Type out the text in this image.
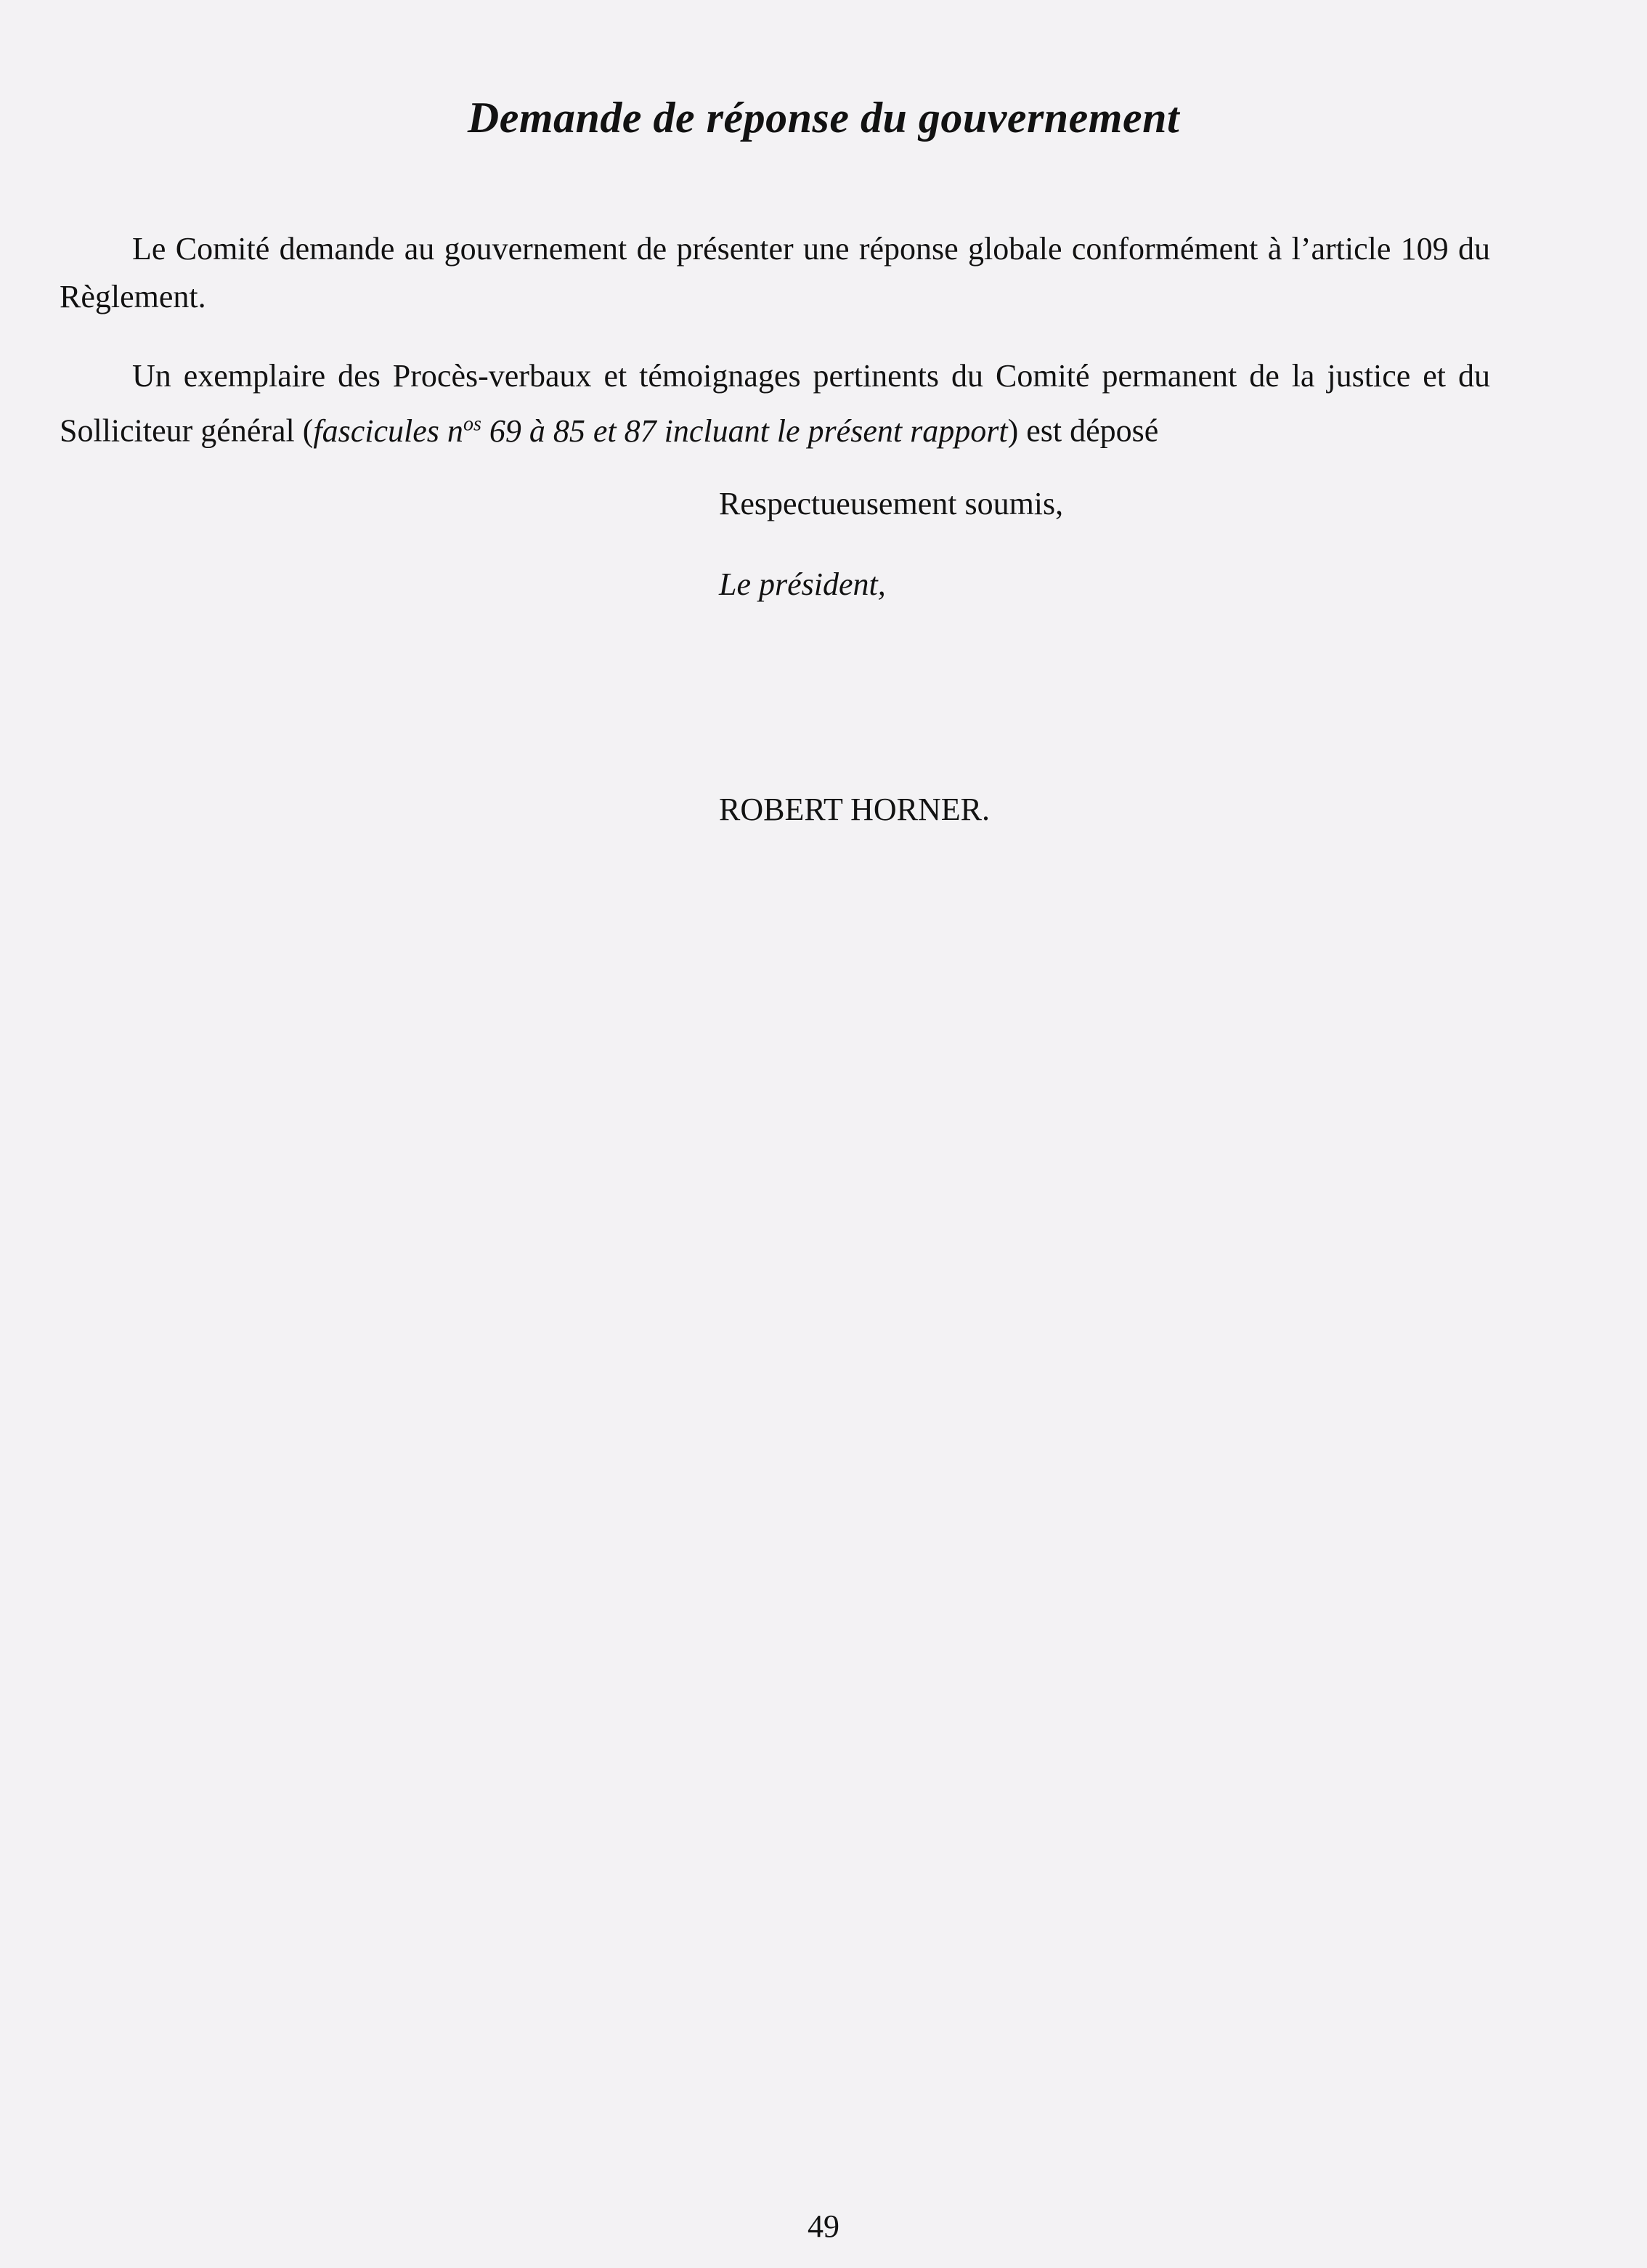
Demande de réponse du gouvernement
Le Comité demande au gouvernement de présenter une réponse globale conformément à l’article 109 du Règlement.
Un exemplaire des Procès-verbaux et témoignages pertinents du Comité permanent de la justice et du Solliciteur général (fascicules $n^{os}$ 69 à 85 et 87 incluant le présent rapport) est déposé
Respectueusement soumis,
Le président,
ROBERT HORNER.
49
